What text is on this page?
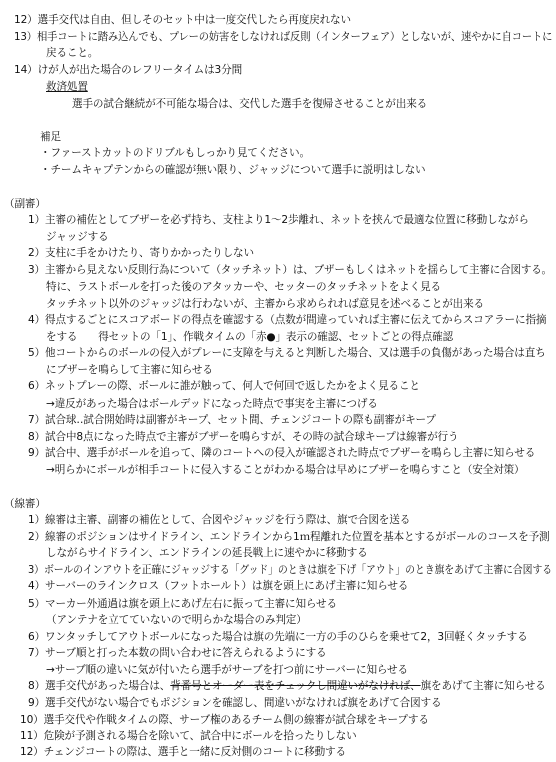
12）選手交代は自由、但しそのセット中は一度交代したら再度戻れない
13）相手コートに踏み込んでも、プレーの妨害をしなければ反則（インターフェア）としないが、速やかに自コートに
戻ること。
14）けが人が出た場合のレフリータイムは3分間
救済処置
選手の試合継続が不可能な場合は、交代した選手を復帰させることが出来る
補足
・ファーストカットのドリブルもしっかり見てください。
・チームキャプテンからの確認が無い限り、ジャッジについて選手に説明はしない
（副審）
1）主審の補佐としてブザーを必ず持ち、支柱より1～2歩離れ、ネットを挟んで最適な位置に移動しながら
ジャッジする
2）支柱に手をかけたり、寄りかかったりしない
3）主審から見えない反則行為について（タッチネット）は、ブザーもしくはネットを揺らして主審に合図する。
特に、ラストボールを打った後のアタッカーや、セッターのタッチネットをよく見る
タッチネット以外のジャッジは行わないが、主審から求められれば意見を述べることが出来る
4）得点するごとにスコアボードの得点を確認する（点数が間違っていれば主審に伝えてからスコアラーに指摘
をする　　得セットの「1」、作戦タイムの「赤●」表示の確認、セットごとの得点確認
5）他コートからのボールの侵入がプレーに支障を与えると判断した場合、又は選手の負傷があった場合は直ち
にブザーを鳴らして主審に知らせる
6）ネットプレーの際、ボールに誰が触って、何人で何回で返したかをよく見ること
→違反があった場合はボールデッドになった時点で事実を主審につげる
7）試合球‥試合開始時は副審がキープ、セット間、チェンジコートの際も副審がキープ
8）試合中8点になった時点で主審がブザーを鳴らすが、その時の試合球キープは線審が行う
9）試合中、選手がボールを追って、隣のコートへの侵入が確認された時点でブザーを鳴らし主審に知らせる
→明らかにボールが相手コートに侵入することがわかる場合は早めにブザーを鳴らすこと（安全対策）
（線審）
1）線審は主審、副審の補佐として、合図やジャッジを行う際は、旗で合図を送る
2）線審のポジションはサイドライン、エンドラインから1ｍ程離れた位置を基本とするがボールのコースを予測
しながらサイドライン、エンドラインの延長戦上に速やかに移動する
3）ボールのインアウトを正確にジャッジする「グッド」のときは旗を下げ「アウト」のとき旗をあげて主審に合図する
4）サーバーのラインクロス（フットホールト）は旗を頭上にあげ主審に知らせる
5）マーカー外通過は旗を頭上にあげ左右に振って主審に知らせる
（アンテナを立てていないので明らかな場合のみ判定）
6）ワンタッチしてアウトボールになった場合は旗の先端に一方の手のひらを乗せて2，3回軽くタッチする
7）サーブ順と打った本数の問い合わせに答えられるようにする
→サーブ順の違いに気が付いたら選手がサーブを打つ前にサーバーに知らせる
8）選手交代があった場合は、背番号とオーダー表をチェックし間違いがなければ、旗をあげて主審に知らせる
9）選手交代がない場合でもポジションを確認し、間違いがなければ旗をあげて合図する
10）選手交代や作戦タイムの際、サーブ権のあるチーム側の線審が試合球をキープする
11）危険が予測される場合を除いて、試合中にボールを拾ったりしない
12）チェンジコートの際は、選手と一緒に反対側のコートに移動する
